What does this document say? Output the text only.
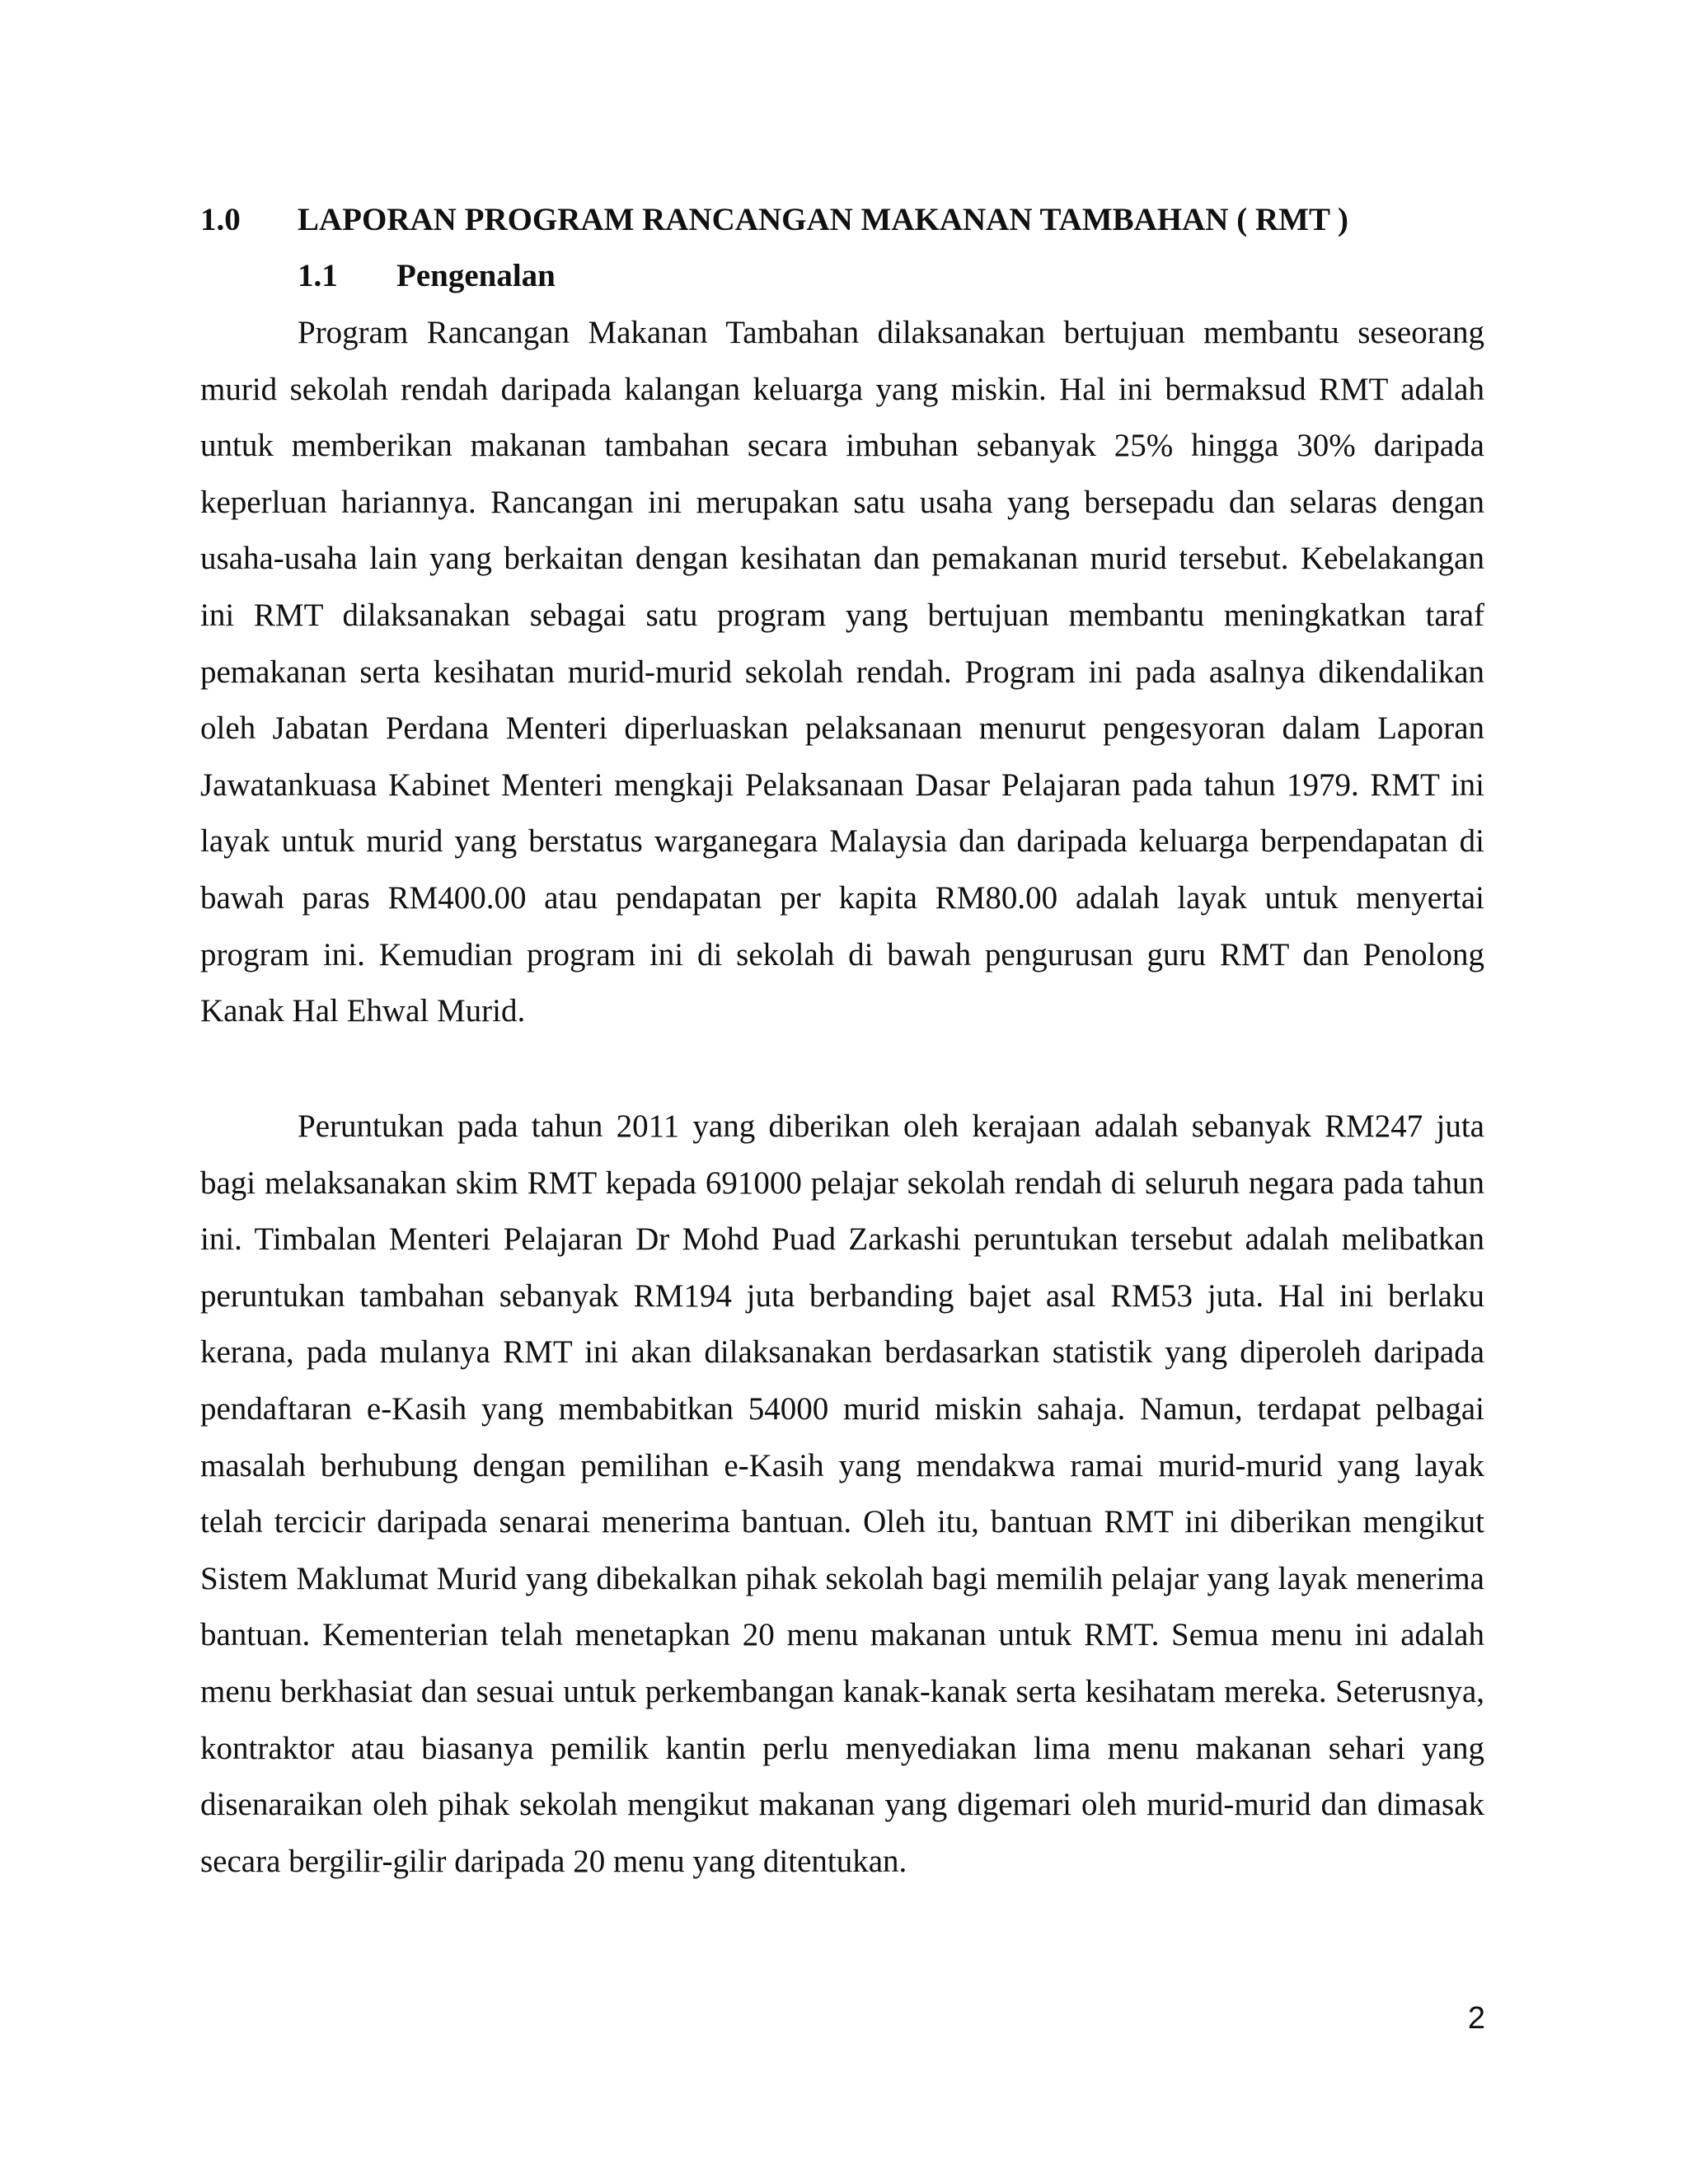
1.0 LAPORAN PROGRAM RANCANGAN MAKANAN TAMBAHAN ( RMT )
1.1 Pengenalan

Program Rancangan Makanan Tambahan dilaksanakan bertujuan membantu seseorang murid sekolah rendah daripada kalangan keluarga yang miskin. Hal ini bermaksud RMT adalah untuk memberikan makanan tambahan secara imbuhan sebanyak 25% hingga 30% daripada keperluan hariannya. Rancangan ini merupakan satu usaha yang bersepadu dan selaras dengan usaha-usaha lain yang berkaitan dengan kesihatan dan pemakanan murid tersebut. Kebelakangan ini RMT dilaksanakan sebagai satu program yang bertujuan membantu meningkatkan taraf pemakanan serta kesihatan murid-murid sekolah rendah. Program ini pada asalnya dikendalikan oleh Jabatan Perdana Menteri diperluaskan pelaksanaan menurut pengesyoran dalam Laporan Jawatankuasa Kabinet Menteri mengkaji Pelaksanaan Dasar Pelajaran pada tahun 1979. RMT ini layak untuk murid yang berstatus warganegara Malaysia dan daripada keluarga berpendapatan di bawah paras RM400.00 atau pendapatan per kapita RM80.00 adalah layak untuk menyertai program ini. Kemudian program ini di sekolah di bawah pengurusan guru RMT dan Penolong Kanak Hal Ehwal Murid.

Peruntukan pada tahun 2011 yang diberikan oleh kerajaan adalah sebanyak RM247 juta bagi melaksanakan skim RMT kepada 691000 pelajar sekolah rendah di seluruh negara pada tahun ini. Timbalan Menteri Pelajaran Dr Mohd Puad Zarkashi peruntukan tersebut adalah melibatkan peruntukan tambahan sebanyak RM194 juta berbanding bajet asal RM53 juta. Hal ini berlaku kerana, pada mulanya RMT ini akan dilaksanakan berdasarkan statistik yang diperoleh daripada pendaftaran e-Kasih yang membabitkan 54000 murid miskin sahaja. Namun, terdapat pelbagai masalah berhubung dengan pemilihan e-Kasih yang mendakwa ramai murid-murid yang layak telah tercicir daripada senarai menerima bantuan. Oleh itu, bantuan RMT ini diberikan mengikut Sistem Maklumat Murid yang dibekalkan pihak sekolah bagi memilih pelajar yang layak menerima bantuan. Kementerian telah menetapkan 20 menu makanan untuk RMT. Semua menu ini adalah menu berkhasiat dan sesuai untuk perkembangan kanak-kanak serta kesihatam mereka. Seterusnya, kontraktor atau biasanya pemilik kantin perlu menyediakan lima menu makanan sehari yang disenaraikan oleh pihak sekolah mengikut makanan yang digemari oleh murid-murid dan dimasak secara bergilir-gilir daripada 20 menu yang ditentukan.

2
